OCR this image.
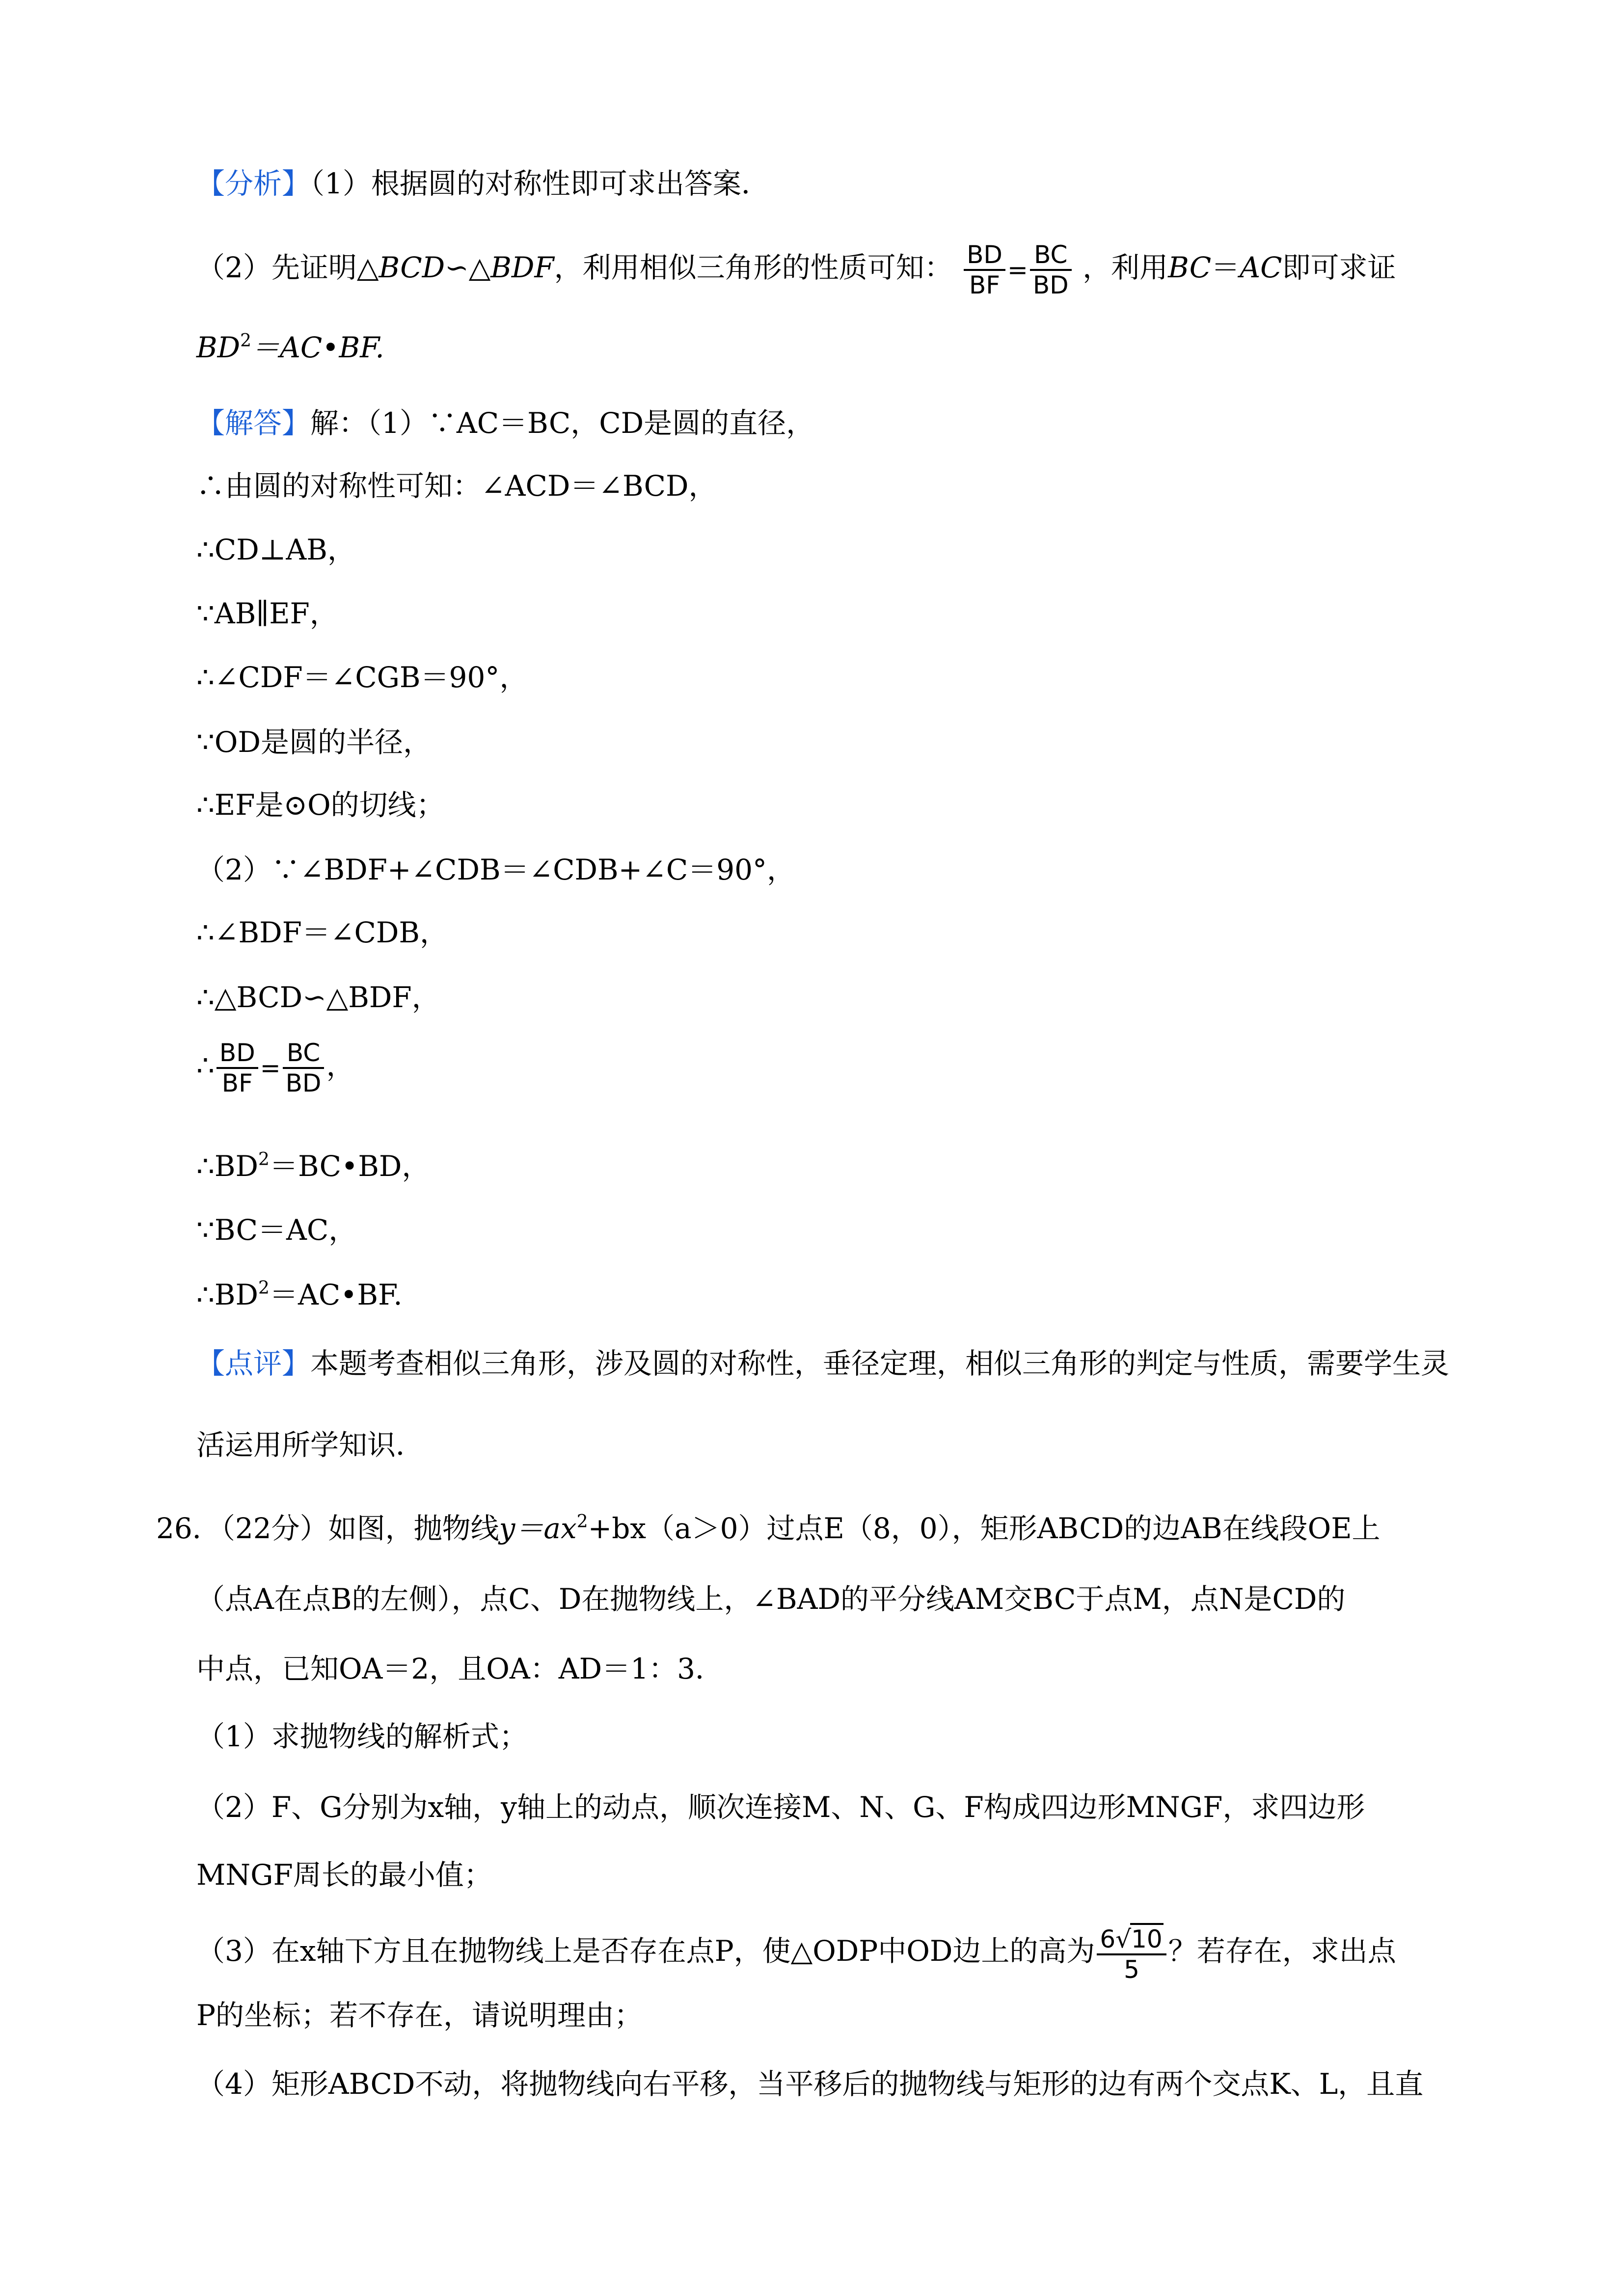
【分析】（1）根据圆的对称性即可求出答案．
（2）先证明△BCD∽△BDF，利用相似三角形的性质可知： $\frac{BD}{BF} = \frac{BC}{BD}$ ，利用BC＝AC即可求证
$BD^2=AC•BF$.
【解答】解：（1）∵AC＝BC，CD是圆的直径，
∴由圆的对称性可知：∠ACD＝∠BCD，
∴CD⊥AB，
∵AB∥EF，
∴∠CDF＝∠CGB＝90°，
∵OD是圆的半径，
∴EF是⊙O的切线；
（2）∵∠BDF+∠CDB＝∠CDB+∠C＝90°，
∴∠BDF＝∠CDB，
∴△BCD∽△BDF，
∴ $\frac{BD}{BF} = \frac{BC}{BD}$ ，
$\therefore BD^2=BC•BD$，
∵BC＝AC，
$\therefore BD^2=AC•BF$.
【点评】本题考查相似三角形，涉及圆的对称性，垂径定理，相似三角形的判定与性质，需要学生灵
活运用所学知识．
26．（22分）如图，抛物线$y=ax^2+bx(a>0)$过点E（8，0），矩形ABCD的边AB在线段OE上
（点A在点B的左侧），点C、D在抛物线上，∠BAD的平分线AM交BC于点M，点N是CD的
中点，已知OA＝2，且OA：AD＝1：3．
（1）求抛物线的解析式；
（2）F、G分别为x轴，y轴上的动点，顺次连接M、N、G、F构成四边形MNGF，求四边形
MNGF周长的最小值；
（3）在x轴下方且在抛物线上是否存在点P，使△ODP中OD边上的高为 $\frac{6√10}{5}$ ？若存在，求出点
P的坐标；若不存在，请说明理由；
（4）矩形ABCD不动，将抛物线向右平移，当平移后的抛物线与矩形的边有两个交点K、L，且直
